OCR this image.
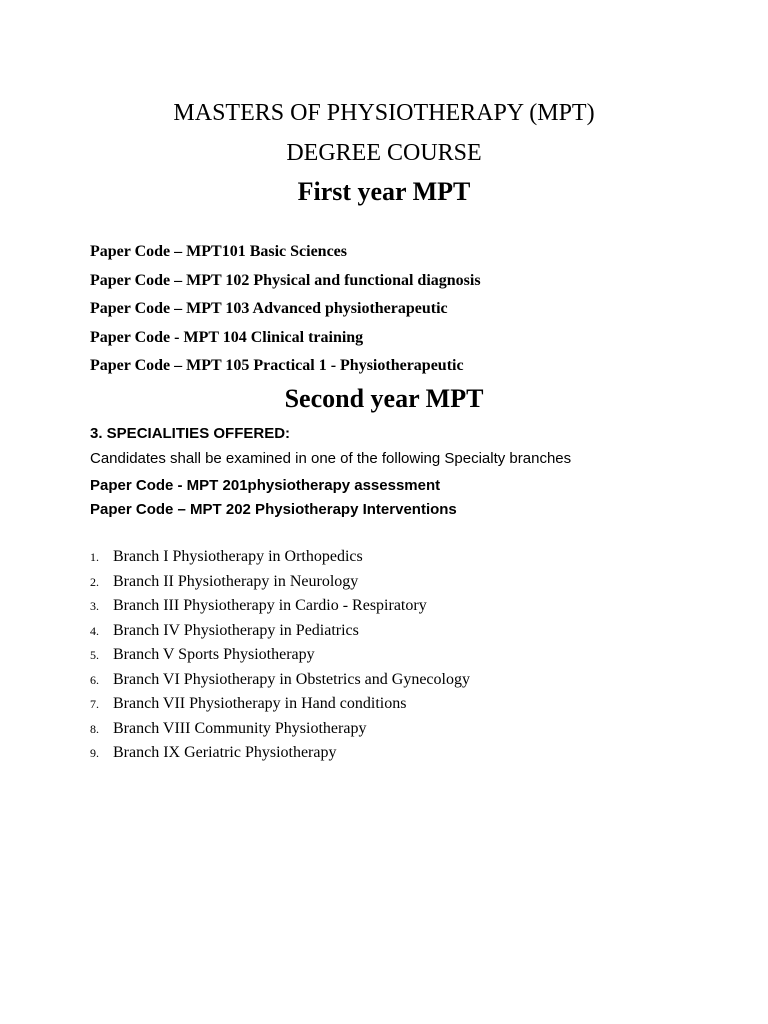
MASTERS OF PHYSIOTHERAPY (MPT)
DEGREE COURSE
First year MPT
Paper Code – MPT101 Basic Sciences
Paper Code – MPT 102 Physical and functional diagnosis
Paper Code – MPT 103 Advanced physiotherapeutic
Paper Code - MPT 104 Clinical training
Paper Code – MPT 105 Practical 1 - Physiotherapeutic
Second year MPT
3. SPECIALITIES OFFERED:
Candidates shall be examined in one of the following Specialty branches
Paper Code - MPT 201physiotherapy assessment
Paper Code – MPT 202 Physiotherapy Interventions
1. Branch I Physiotherapy in Orthopedics
2. Branch II Physiotherapy in Neurology
3. Branch III Physiotherapy in Cardio - Respiratory
4. Branch IV Physiotherapy in Pediatrics
5. Branch V Sports Physiotherapy
6. Branch VI Physiotherapy in Obstetrics and Gynecology
7. Branch VII Physiotherapy in Hand conditions
8. Branch VIII Community Physiotherapy
9. Branch IX Geriatric Physiotherapy
